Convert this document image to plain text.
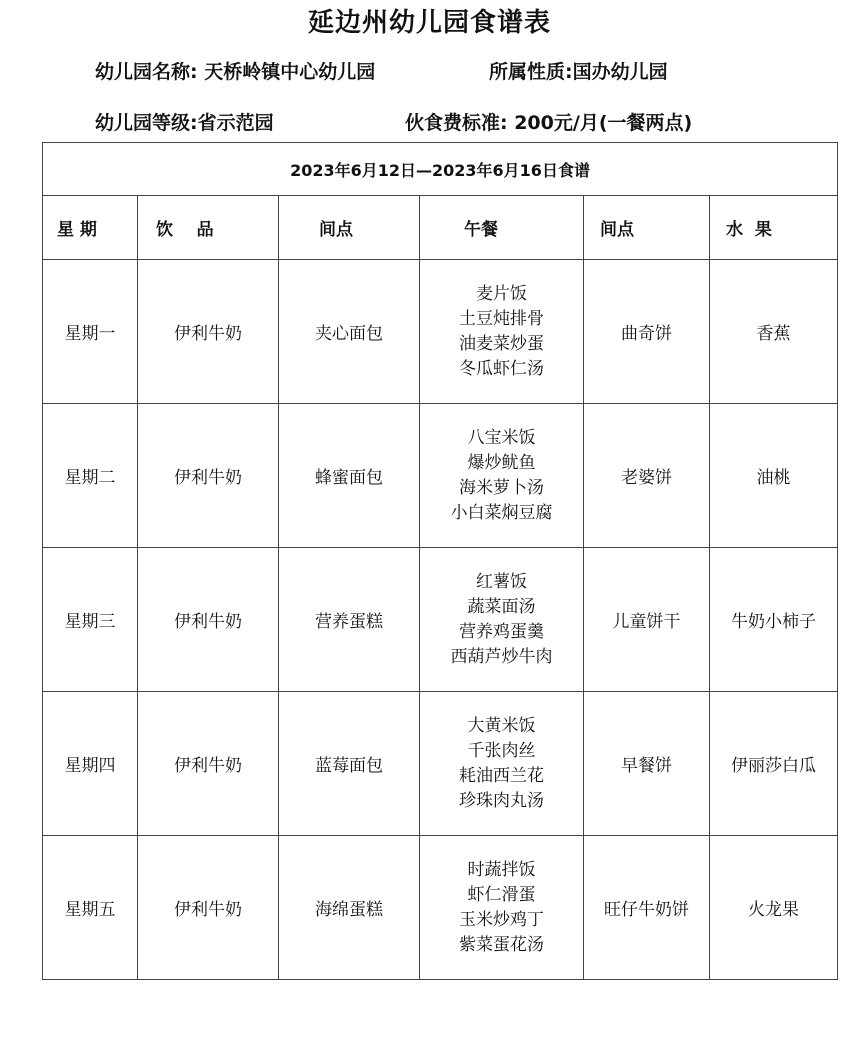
延边州幼儿园食谱表
幼儿园名称: 天桥岭镇中心幼儿园	所属性质:国办幼儿园
幼儿园等级:省示范园	伙食费标准: 200元/月(一餐两点)
2023年6月12日—2023年6月16日食谱					
星 期	饮    品	间点	午餐	间点	水  果
星期一	伊利牛奶	夹心面包	麦片饭
土豆炖排骨
油麦菜炒蛋
冬瓜虾仁汤	曲奇饼	香蕉
星期二	伊利牛奶	蜂蜜面包	八宝米饭
爆炒鱿鱼
海米萝卜汤
小白菜焖豆腐	老婆饼	油桃
星期三	伊利牛奶	营养蛋糕	红薯饭
蔬菜面汤
营养鸡蛋羹
西葫芦炒牛肉	儿童饼干	牛奶小柿子
星期四	伊利牛奶	蓝莓面包	大黄米饭
千张肉丝
耗油西兰花
珍珠肉丸汤	早餐饼	伊丽莎白瓜
星期五	伊利牛奶	海绵蛋糕	时蔬拌饭
虾仁滑蛋
玉米炒鸡丁
紫菜蛋花汤	旺仔牛奶饼	火龙果
